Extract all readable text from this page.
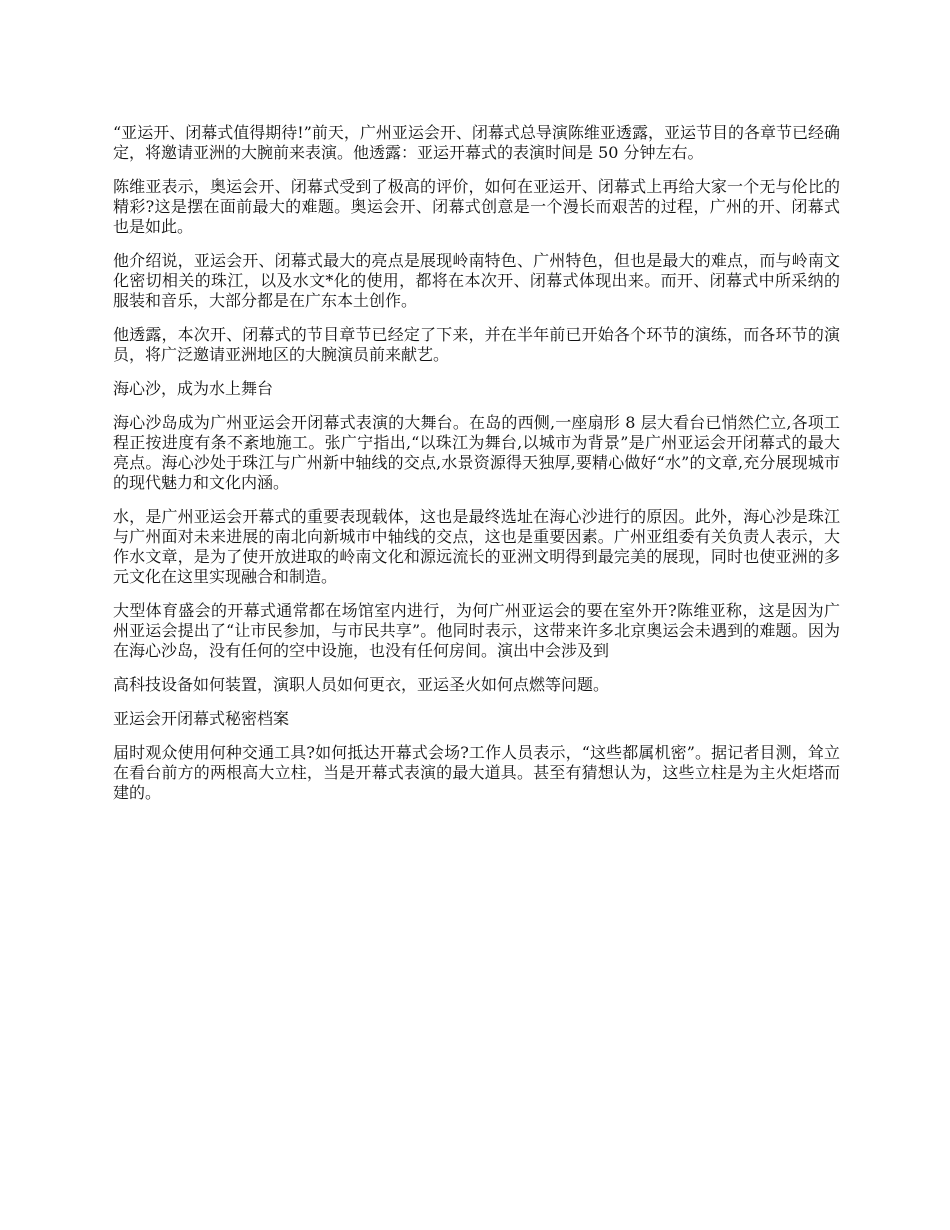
“亚运开、闭幕式值得期待!”前天，广州亚运会开、闭幕式总导演陈维亚透露，亚运节目的各章节已经确定，将邀请亚洲的大腕前来表演。他透露：亚运开幕式的表演时间是 50 分钟左右。

陈维亚表示，奥运会开、闭幕式受到了极高的评价，如何在亚运开、闭幕式上再给大家一个无与伦比的精彩?这是摆在面前最大的难题。奥运会开、闭幕式创意是一个漫长而艰苦的过程，广州的开、闭幕式也是如此。

他介绍说，亚运会开、闭幕式最大的亮点是展现岭南特色、广州特色，但也是最大的难点，而与岭南文化密切相关的珠江，以及水文*化的使用，都将在本次开、闭幕式体现出来。而开、闭幕式中所采纳的服装和音乐，大部分都是在广东本土创作。

他透露，本次开、闭幕式的节目章节已经定了下来，并在半年前已开始各个环节的演练，而各环节的演员，将广泛邀请亚洲地区的大腕演员前来献艺。

海心沙，成为水上舞台

海心沙岛成为广州亚运会开闭幕式表演的大舞台。在岛的西侧,一座扇形 8 层大看台已悄然伫立,各项工程正按进度有条不紊地施工。张广宁指出,“以珠江为舞台,以城市为背景”是广州亚运会开闭幕式的最大亮点。海心沙处于珠江与广州新中轴线的交点,水景资源得天独厚,要精心做好“水”的文章,充分展现城市的现代魅力和文化内涵。

水，是广州亚运会开幕式的重要表现载体，这也是最终选址在海心沙进行的原因。此外，海心沙是珠江与广州面对未来进展的南北向新城市中轴线的交点，这也是重要因素。广州亚组委有关负责人表示，大作水文章，是为了使开放进取的岭南文化和源远流长的亚洲文明得到最完美的展现，同时也使亚洲的多元文化在这里实现融合和制造。

大型体育盛会的开幕式通常都在场馆室内进行，为何广州亚运会的要在室外开?陈维亚称，这是因为广州亚运会提出了“让市民参加，与市民共享”。他同时表示，这带来许多北京奥运会未遇到的难题。因为在海心沙岛，没有任何的空中设施，也没有任何房间。演出中会涉及到

高科技设备如何装置，演职人员如何更衣，亚运圣火如何点燃等问题。

亚运会开闭幕式秘密档案

届时观众使用何种交通工具?如何抵达开幕式会场?工作人员表示，“这些都属机密”。据记者目测，耸立在看台前方的两根高大立柱，当是开幕式表演的最大道具。甚至有猜想认为，这些立柱是为主火炬塔而建的。
